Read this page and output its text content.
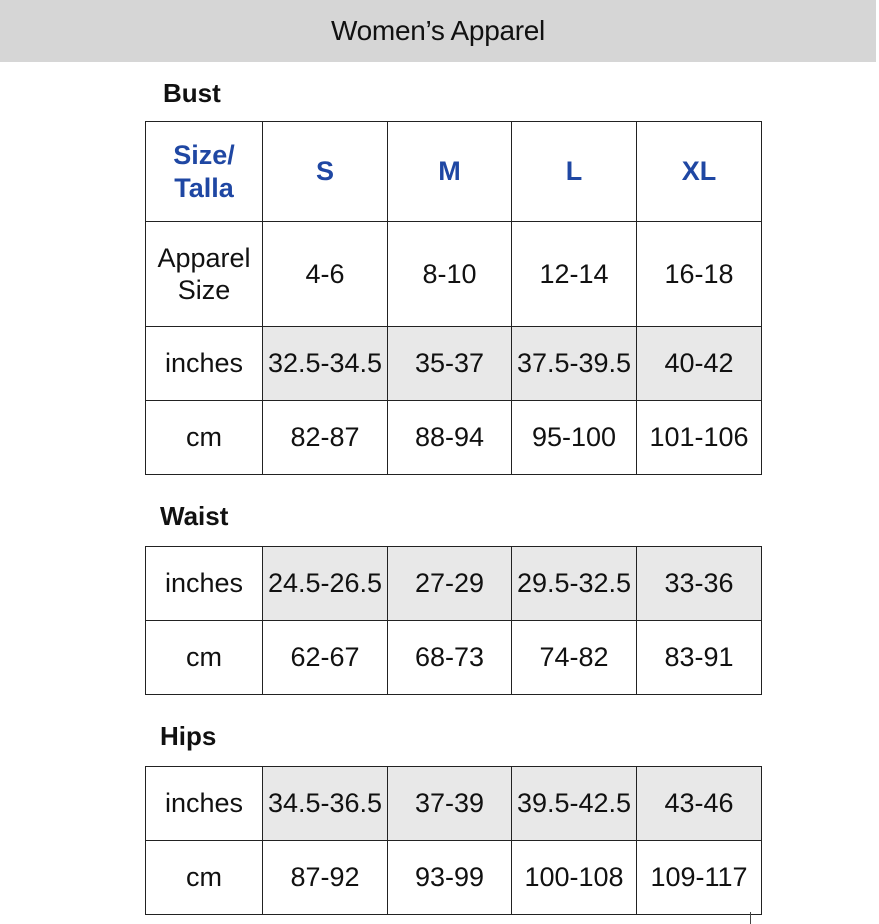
Women’s Apparel
Bust
Size/
Talla	S	M	L	XL
Apparel
Size	4-6	8-10	12-14	16-18
inches	32.5-34.5	35-37	37.5-39.5	40-42
cm	82-87	88-94	95-100	101-106
Waist
inches	24.5-26.5	27-29	29.5-32.5	33-36
cm	62-67	68-73	74-82	83-91
Hips
inches	34.5-36.5	37-39	39.5-42.5	43-46
cm	87-92	93-99	100-108	109-117
